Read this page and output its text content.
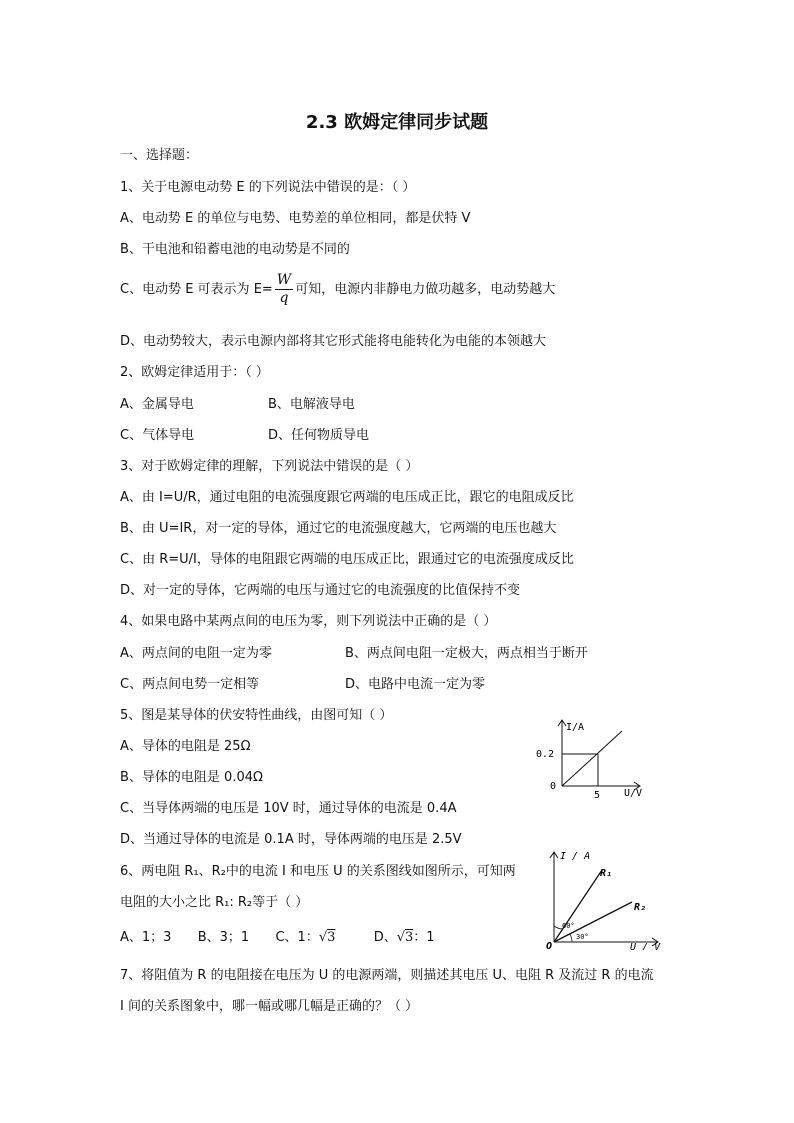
2.3 欧姆定律同步试题
一、选择题：
1、关于电源电动势 E 的下列说法中错误的是：（ ）
A、电动势 E 的单位与电势、电势差的单位相同，都是伏特 V
B、干电池和铅蓄电池的电动势是不同的
C、电动势 E 可表示为 $E= \frac{W}{q}$ 可知，电源内非静电力做功越多，电动势越大
D、电动势较大，表示电源内部将其它形式能将电能转化为电能的本领越大
2、欧姆定律适用于：（ ）
A、金属导电	B、电解液导电
C、气体导电	D、任何物质导电
3、对于欧姆定律的理解，下列说法中错误的是（ ）
A、由 I=U/R，通过电阻的电流强度跟它两端的电压成正比，跟它的电阻成反比
B、由 U=IR，对一定的导体，通过它的电流强度越大，它两端的电压也越大
C、由 R=U/I，导体的电阻跟它两端的电压成正比，跟通过它的电流强度成反比
D、对一定的导体，它两端的电压与通过它的电流强度的比值保持不变
4、如果电路中某两点间的电压为零，则下列说法中正确的是（ ）
A、两点间的电阻一定为零	B、两点间电阻一定极大，两点相当于断开
C、两点间电势一定相等	D、电路中电流一定为零
5、图是某导体的伏安特性曲线，由图可知（ ）
A、导体的电阻是 25Ω
B、导体的电阻是 0.04Ω
C、当导体两端的电压是 10V 时，通过导体的电流是 0.4A
D、当通过导体的电流是 0.1A 时，导体两端的电压是 2.5V
I/A
0.2
0
5 U/V
6、两电阻 R₁、R₂中的电流 I 和电压 U 的关系图线如图所示，可知两
电阻的大小之比 R₁: R₂等于（ ）
A、1；3 B、3；1 C、1：√3	D、√3：1
I / A
R₁
R₂
60°
30°
O	U / V
7、将阻值为 R 的电阻接在电压为 U 的电源两端，则描述其电压 U、电阻 R 及流过 R 的电流
I 间的关系图象中，哪一幅或哪几幅是正确的？（ ）
